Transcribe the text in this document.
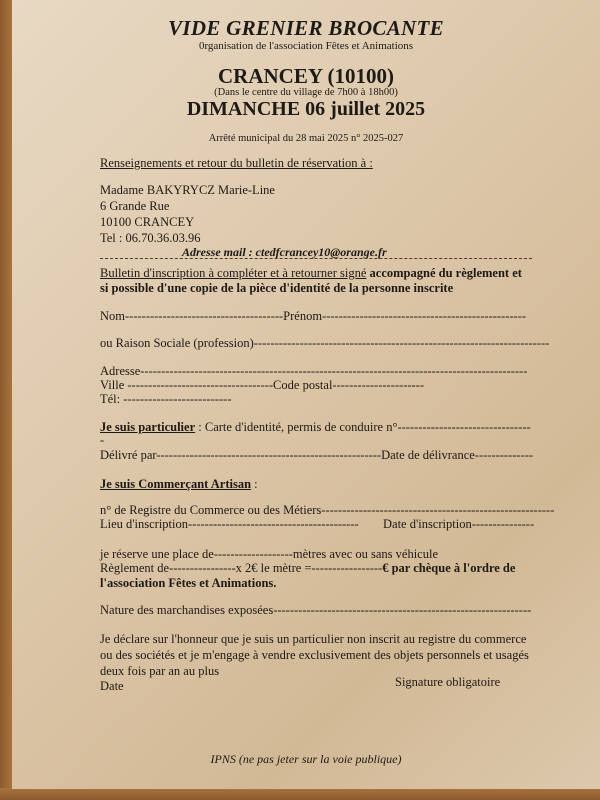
VIDE GRENIER BROCANTE
0rganisation de l'association Fêtes et Animations
CRANCEY (10100)
(Dans le centre du village de 7h00 à 18h00)
DIMANCHE 06 juillet 2025
Arrêté municipal du 28 mai 2025 n° 2025-027
Renseignements et retour du bulletin de réservation à :
Madame BAKYRYCZ Marie-Line
6 Grande Rue
10100 CRANCEY
Tel : 06.70.36.03.96
Adresse mail : ctedfcrancey10@orange.fr
Bulletin d'inscription à compléter et à retourner signé accompagné du règlement et
si possible d'une copie de la pièce d'identité de la personne inscrite
Nom--------------------------------------Prénom-------------------------------------------------
ou Raison Sociale (profession)-----------------------------------------------------------------------
Adresse---------------------------------------------------------------------------------------------
Ville -----------------------------------Code postal----------------------
Tél: --------------------------
Je suis particulier : Carte d'identité, permis de conduire n°--------------------------------
-
Délivré par------------------------------------------------------Date de délivrance--------------
Je suis Commerçant Artisan :
n° de Registre du Commerce ou des Métiers--------------------------------------------------------
Lieu d'inscription----------------------------------------- Date d'inscription---------------
je réserve une place de-------------------mètres avec ou sans véhicule
Règlement de----------------x 2€ le mètre =-----------------€ par chèque à l'ordre de
l'association Fêtes et Animations.
Nature des marchandises exposées--------------------------------------------------------------
Je déclare sur l'honneur que je suis un particulier non inscrit au registre du commerce
ou des sociétés et je m'engage à vendre exclusivement des objets personnels et usagés
deux fois par an au plus
Date	Signature obligatoire
IPNS (ne pas jeter sur la voie publique)
